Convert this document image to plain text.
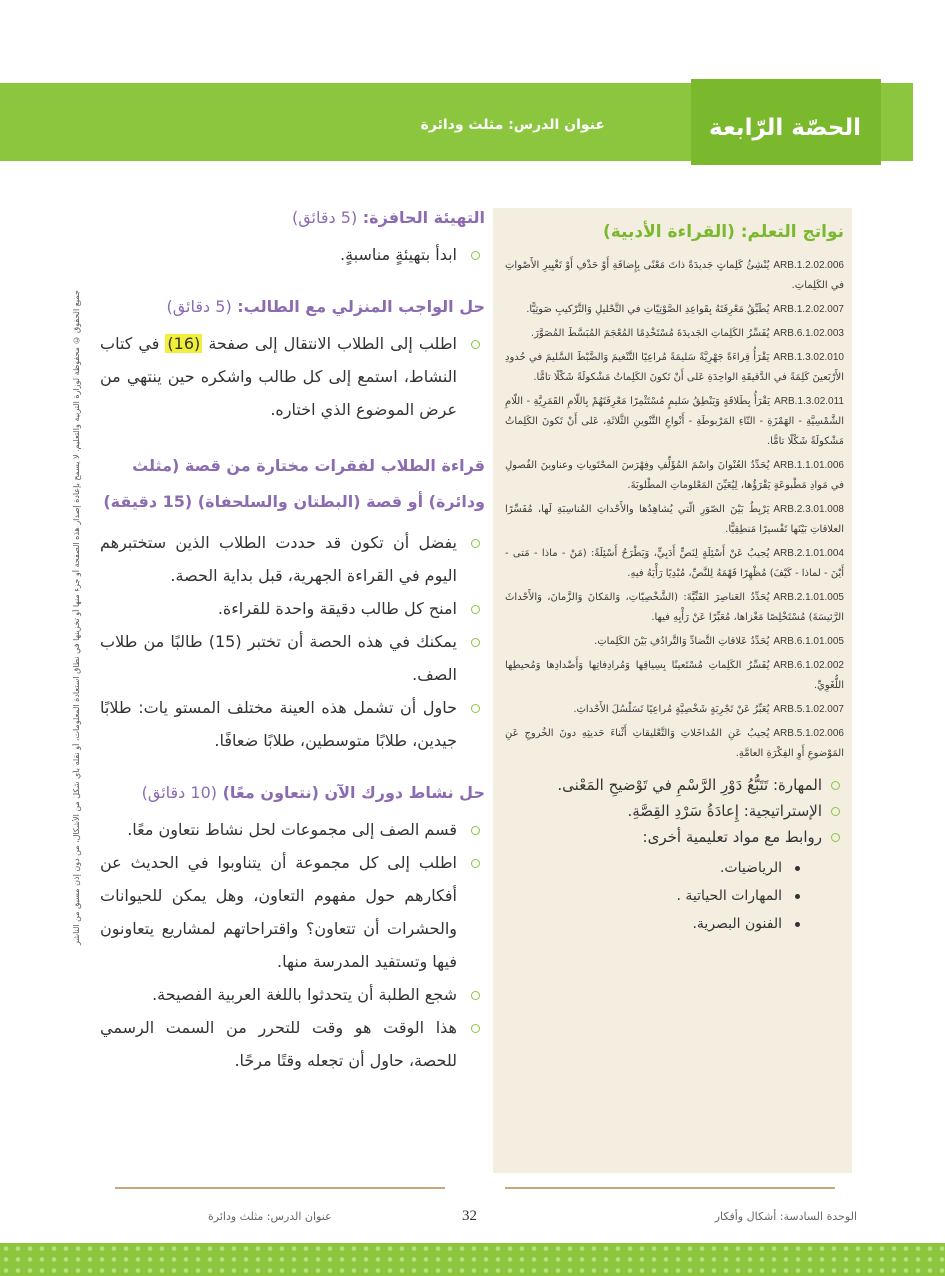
الحصّة الرّابعة
عنوان الدرس: مثلث ودائرة
جميع الحقوق © محفوظة لوزارة التربية والتعليم. لا يسمح بإعادة إصدار هذه الصفحة أو جزء منها أو تخزينها في نطاق استعادة المعلومات، أو نقله بأي شكل من الأشكال، من دون إذن مسبق من الناشر
نواتج التعلم: (القراءة الأدبية)

ARB.1.2.02.006يُنْشِئُ كَلِماتٍ جَديدَةً ذاتَ مَعْنًى بِإِضافَةِ أَوْ حَذْفِ أَوْ تَغْيِيرِ الأَصْواتِ في الكَلِماتِ.

ARB.1.2.02.007يُطَبِّقُ مَعْرِفَتَهُ بِقَواعِدِ الصَّوْتِيّاتِ في التَّحْليلِ وَالتَّرْكيبِ صَوتِيًّا.

ARB.6.1.02.003يُفَسِّرُ الكَلِماتِ الجَديدَةَ مُسْتَخْدِمًا المُعْجَمَ المُبَسَّطَ المُصَوَّرَ.

ARB.1.3.02.010يَقْرَأُ قِراءَةً جَهْرِيَّةً سَليمَةً مُراعِيًا التَّنْغيمَ وَالضَّبْطَ السَّليمَ في حُدودِ الأَرْبَعينَ كَلِمَةً في الدَّقيقَةِ الواحِدَةِ عَلى أَنْ تَكونَ الكَلِماتُ مَشْكولَةً شَكْلًا تامًّا.

ARB.1.3.02.011يَقْرَأُ بِطَلاقَةٍ وَيَنْطِقُ سَليمٍ مُسْتَثْمِرًا مَعْرِفَتَهُمْ بِاللّامِ القَمَرِيَّةِ - اللّامِ الشَّمْسِيَّةِ - الهَمْزَةِ - التّاءِ المَرْبوطَةِ - أَنْواعِ التَّنْوينِ الثَّلاثَةِ، عَلى أَنْ تَكونَ الكَلِماتُ مَشْكولَةً شَكْلًا تامًّا.

ARB.1.1.01.006يُحَدِّدُ العُنْوانَ واسْمَ المُؤَلِّفِ وفِهْرَسَ المحْتَوياتِ وعناوينَ الفُصولِ في مَوادِ مَطْبوعَةٍ يَقْرَؤُها، لِيُعَيِّنَ المَعْلوماتِ المطْلوبَةَ.

ARB.2.3.01.008يَرْبِطُ بَيْنَ الصّوَرِ الّتي يُشاهِدُها والأَحْداثِ المُناسِبَةِ لَها، مُفَسِّرًا العلاقاتِ بَيْنَها تَفْسيرًا مَنطِقِيًّا.

ARB.2.1.01.004يُجيبُ عَنْ أَسْئِلَةٍ لِنَصٍّ أَدَبِيٍّ، وَيَطْرَحُ أَسْئِلَةً: (مَنْ - ماذا - مَتى - أَيْنَ - لماذا - كَيْفَ) مُظْهِرًا فَهْمَهُ لِلنَّصِّ، مُبْدِيًا رَأْيَهُ فيهِ.

ARB.2.1.01.005يُحَدِّدُ العَناصِرَ الفَنِّيَّةَ: (الشَّخْصِيّاتِ، وَالمَكانَ وَالزَّمانَ، وَالأَحْداثَ الرَّئيسَةَ) مُسْتَخْلِصًا مَغْزاها، مُعَبِّرًا عَنْ رَأْيِهِ فيها.

ARB.6.1.01.005يُحَدِّدُ عَلاقاتِ التَّضادِّ وَالتَّرادُفِ بَيْنَ الكَلِماتِ.

ARB.6.1.02.002يُفَسِّرُ الكَلِماتِ مُسْتَعينًا بِسِياقِها وَمُرادِفاتِها وَأَضْدادِها وَمُحيطِها اللُّغَوِيِّ.

ARB.5.1.02.007يُعَبِّرُ عَنْ تَجْرِبَةٍ شَخْصِيَّةٍ مُراعِيًا تَسَلْسُلَ الأَحْداثِ.

ARB.5.1.02.006يُجيبُ عَنِ المُداخَلاتِ وَالتَّعْليقاتِ أَثْناءَ حَديثِهِ دونَ الخُروجِ عَنِ المَوْضوعِ أَوِ الفِكْرَةِ العامَّةِ.

المهارة: تَتَبُّعُ دَوْرِ الرَّسْمِ في تَوْضيحِ المَعْنى.
الإستراتيجية: إِعادَةُ سَرْدِ القِصَّةِ.
روابط مع مواد تعليمية أخرى:
الرياضيات.
المهارات الحياتية .
الفنون البصرية.

التهيئة الحافزة: (5 دقائق)

ابدأ بتهيئةٍ مناسبةٍ.

حل الواجب المنزلي مع الطالب: (5 دقائق)

اطلب إلى الطلاب الانتقال إلى صفحة (16) في كتاب النشاط، استمع إلى كل طالب واشكره حين ينتهي من عرض الموضوع الذي اختاره.

قراءة الطلاب لفقرات مختارة من قصة (مثلث ودائرة) أو قصة (البطتان والسلحفاة) (15 دقيقة)

يفضل أن تكون قد حددت الطلاب الذين ستختبرهم اليوم في القراءة الجهرية، قبل بداية الحصة.
امنح كل طالب دقيقة واحدة للقراءة.
يمكنك في هذه الحصة أن تختبر (15) طالبًا من طلاب الصف.
حاول أن تشمل هذه العينة مختلف المستو يات: طلابًا جيدين، طلابًا متوسطين، طلابًا ضعافًا.

حل نشاط دورك الآن (نتعاون معًا) (10 دقائق)

قسم الصف إلى مجموعات لحل نشاط نتعاون معًا.
اطلب إلى كل مجموعة أن يتناوبوا في الحديث عن أفكارهم حول مفهوم التعاون، وهل يمكن للحيوانات والحشرات أن تتعاون؟ واقتراحاتهم لمشاريع يتعاونون فيها وتستفيد المدرسة منها.
شجع الطلبة أن يتحدثوا باللغة العربية الفصيحة.
هذا الوقت هو وقت للتحرر من السمت الرسمي للحصة، حاول أن تجعله وقتًا مرحًا.
الوحدة السادسة: أشكال وأفكار
32
عنوان الدرس: مثلث ودائرة
